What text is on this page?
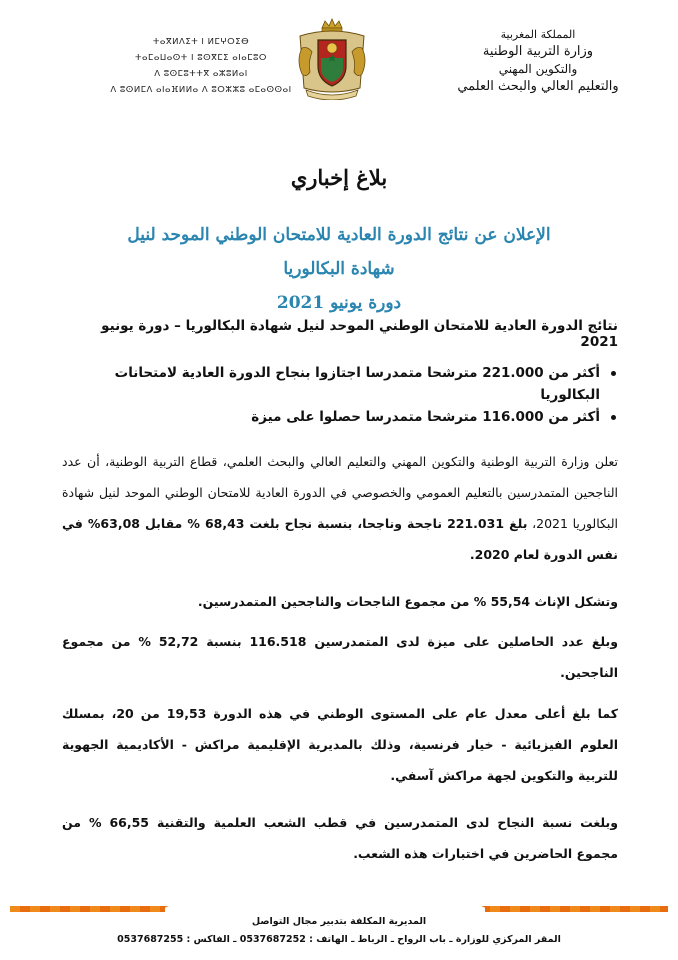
المملكة المغربية
وزارة التربية الوطنية
والتكوين المهني
والتعليم العالي والبحث العلمي
ⵜⴰⴳⵍⴷⵉⵜ ⵏ ⵍⵎⵖⵔⵉⴱ
ⵜⴰⵎⴰⵡⴰⵙⵜ ⵏ ⵓⵙⴳⵎⵉ ⴰⵏⴰⵎⵓⵔ
ⴷ ⵓⵙⵎⵓⵜⵜⴳ ⴰⵣⵓⵍⴰⵏ
ⴷ ⵓⵙⵍⵎⴷ ⴰⵏⴰⴼⵍⵍⴰ ⴷ ⵓⵔⵣⵣⵓ ⴰⵎⴰⵙⵙⴰⵏ
بلاغ إخباري
الإعلان عن نتائج الدورة العادية للامتحان الوطني الموحد لنيل شهادة البكالوريا
دورة يونيو 2021

نتائج الدورة العادية للامتحان الوطني الموحد لنيل شهادة البكالوريا – دورة يونيو 2021

أكثر من 221.000 مترشحا متمدرسا اجتازوا بنجاح الدورة العادية لامتحانات البكالوريا
أكثر من 116.000 مترشحا متمدرسا حصلوا على ميزة

تعلن وزارة التربية الوطنية والتكوين المهني والتعليم العالي والبحث العلمي، قطاع التربية الوطنية، أن عدد الناجحين المتمدرسين بالتعليم العمومي والخصوصي في الدورة العادية للامتحان الوطني الموحد لنيل شهادة البكالوريا 2021، بلغ 221.031 ناجحة وناجحا، بنسبة نجاح بلغت 68,43 % مقابل 63,08% في نفس الدورة لعام 2020.

وتشكل الإناث 55,54 % من مجموع الناجحات والناجحين المتمدرسين.

وبلغ عدد الحاصلين على ميزة لدى المتمدرسين 116.518 بنسبة 52,72 % من مجموع الناجحين.

كما بلغ أعلى معدل عام على المستوى الوطني في هذه الدورة 19,53 من 20، بمسلك العلوم الفيزيائية - خيار فرنسية، وذلك بالمديرية الإقليمية مراكش - الأكاديمية الجهوية للتربية والتكوين لجهة مراكش آسفي.

وبلغت نسبة النجاح لدى المتمدرسين في قطب الشعب العلمية والتقنية 66,55 % من مجموع الحاضرين في اختبارات هذه الشعب.

المديرية المكلفة بتدبير مجال التواصل
المقر المركزي للوزارة ـ باب الرواح ـ الرباط ـ الهاتف : 0537687252 ـ الفاكس : 0537687255
